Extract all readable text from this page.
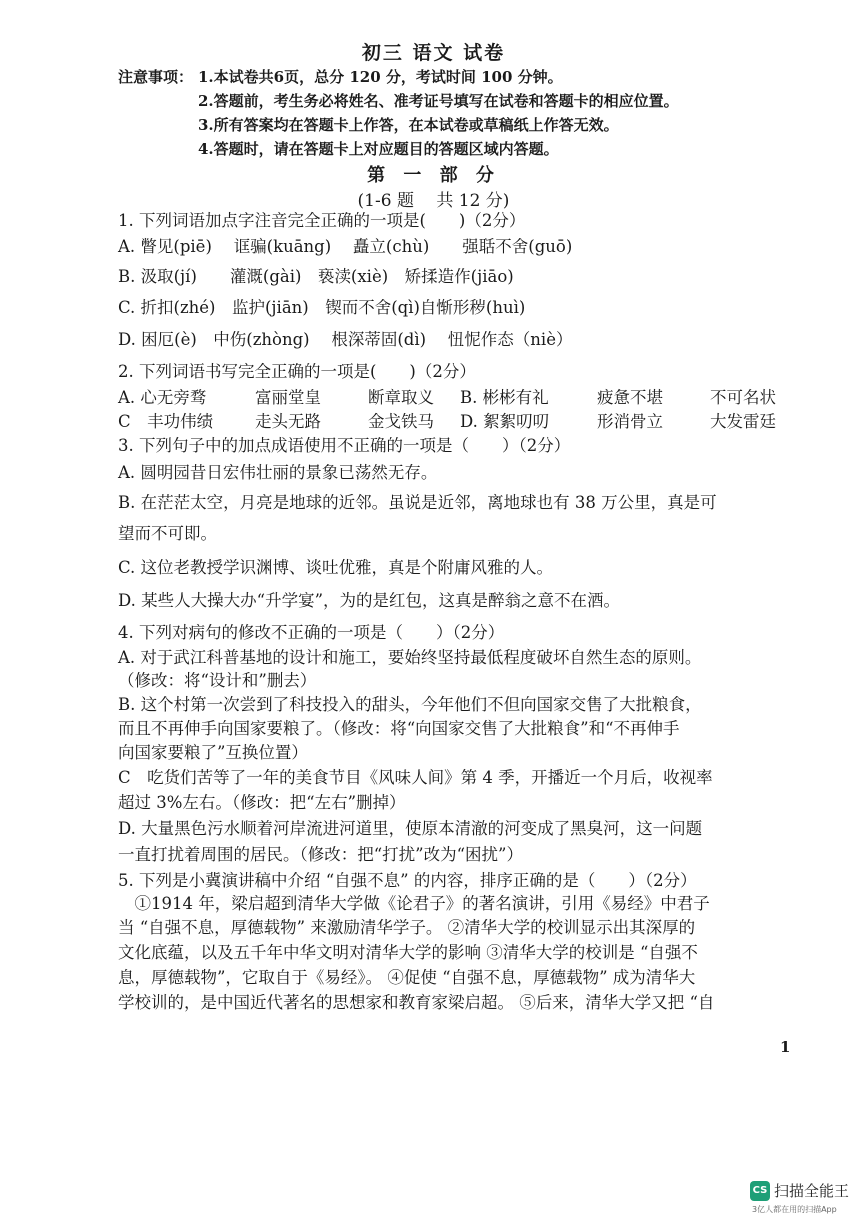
初三 语文 试卷
注意事项： 1.本试卷共6页，总分 120 分，考试时间 100 分钟。
2.答题前，考生务必将姓名、准考证号填写在试卷和答题卡的相应位置。
3.所有答案均在答题卡上作答，在本试卷或草稿纸上作答无效。
4.答题时，请在答题卡上对应题目的答题区域内答题。
第 一 部 分
(1-6 题　 共 12 分)
1. 下列词语加点字注音完全正确的一项是(　　)（2分）
A. 瞥见(piē)　 诓骗(kuāng)　 矗立(chù)　　强聒不舍(guō)
B. 汲取(jí)　　灌溉(gài)　亵渎(xiè)　矫揉造作(jiāo)
C. 折扣(zhé)　监护(jiān)　锲而不舍(qì)自惭形秽(huì)
D. 困厄(è)　中伤(zhòng)　 根深蒂固(dì)　 忸怩作态（niè）
2. 下列词语书写完全正确的一项是(　　)（2分）
A. 心无旁骛	富丽堂皇	断章取义 B. 彬彬有礼	疲惫不堪	不可名状
C　丰功伟绩	走头无路	金戈铁马 D. 絮絮叨叨	形消骨立	大发雷廷
3. 下列句子中的加点成语使用不正确的一项是（　　）（2分）
A. 圆明园昔日宏伟壮丽的景象已荡然无存。
B. 在茫茫太空，月亮是地球的近邻。虽说是近邻，离地球也有 38 万公里，真是可
望而不可即。
C. 这位老教授学识渊博、谈吐优雅，真是个附庸风雅的人。
D. 某些人大操大办“升学宴”，为的是红包，这真是醉翁之意不在酒。
4. 下列对病句的修改不正确的一项是（　　）（2分）
A. 对于武江科普基地的设计和施工，要始终坚持最低程度破坏自然生态的原则。
（修改：将“设计和”删去）
B. 这个村第一次尝到了科技投入的甜头，今年他们不但向国家交售了大批粮食，
而且不再伸手向国家要粮了。（修改：将“向国家交售了大批粮食”和“不再伸手
向国家要粮了”互换位置）
C　吃货们苦等了一年的美食节目《风味人间》第 4 季，开播近一个月后，收视率
超过 3%左右。（修改：把“左右”删掉）
D. 大量黑色污水顺着河岸流进河道里，使原本清澈的河变成了黑臭河，这一问题
一直打扰着周围的居民。（修改：把“打扰”改为“困扰”）
5. 下列是小冀演讲稿中介绍 “自强不息” 的内容，排序正确的是（　　）（2分）
　①1914 年，梁启超到清华大学做《论君子》的著名演讲，引用《易经》中君子
当 “自强不息，厚德载物” 来激励清华学子。 ②清华大学的校训显示出其深厚的
文化底蕴，以及五千年中华文明对清华大学的影响 ③清华大学的校训是 “自强不
息，厚德载物”，它取自于《易经》。 ④促使 “自强不息，厚德载物” 成为清华大
学校训的，是中国近代著名的思想家和教育家梁启超。 ⑤后来，清华大学又把 “自
1
CS 扫描全能王
3亿人都在用的扫描App
